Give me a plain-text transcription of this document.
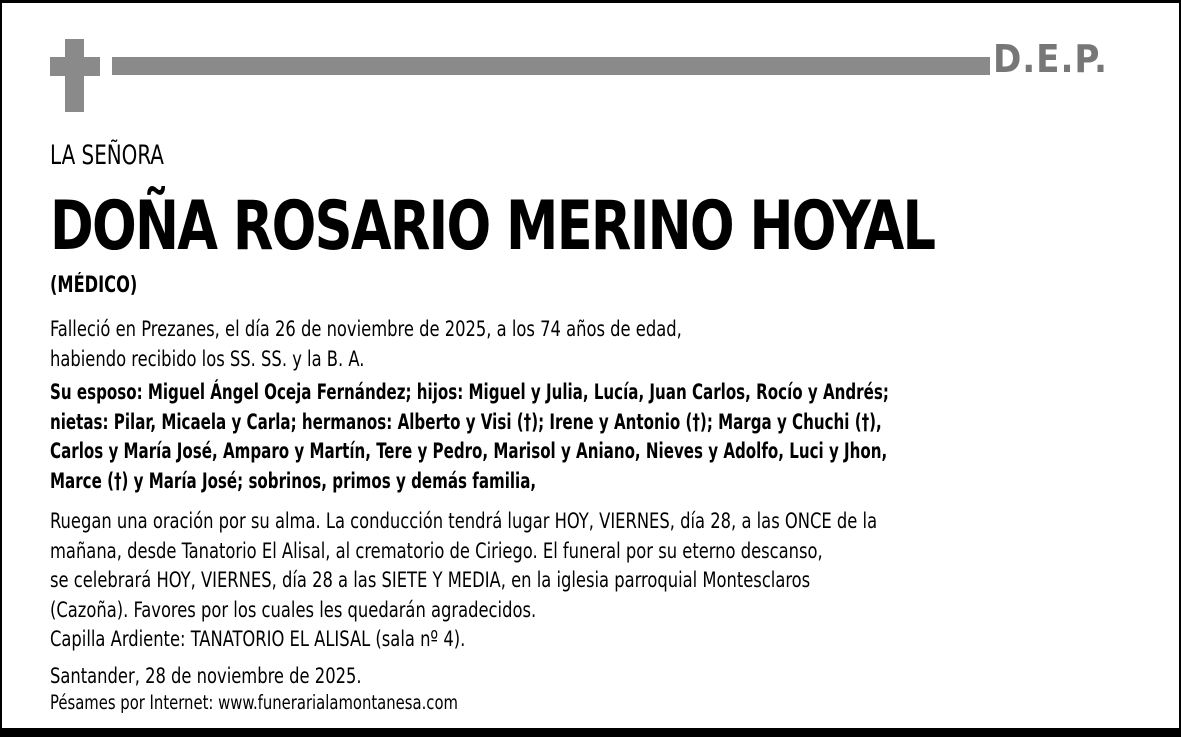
D.E.P.
LA SEÑORA
DOÑA ROSARIO MERINO HOYAL
(MÉDICO)
Falleció en Prezanes, el día 26 de noviembre de 2025, a los 74 años de edad,
habiendo recibido los SS. SS. y la B. A.
Su esposo: Miguel Ángel Oceja Fernández; hijos: Miguel y Julia, Lucía, Juan Carlos, Rocío y Andrés;
nietas: Pilar, Micaela y Carla; hermanos: Alberto y Visi (†); Irene y Antonio (†); Marga y Chuchi (†),
Carlos y María José, Amparo y Martín, Tere y Pedro, Marisol y Aniano, Nieves y Adolfo, Luci y Jhon,
Marce (†) y María José; sobrinos, primos y demás familia,
Ruegan una oración por su alma. La conducción tendrá lugar HOY, VIERNES, día 28, a las ONCE de la
mañana, desde Tanatorio El Alisal, al crematorio de Ciriego. El funeral por su eterno descanso,
se celebrará HOY, VIERNES, día 28 a las SIETE Y MEDIA, en la iglesia parroquial Montesclaros
(Cazoña). Favores por los cuales les quedarán agradecidos.
Capilla Ardiente: TANATORIO EL ALISAL (sala nº 4).
Santander, 28 de noviembre de 2025.
Pésames por Internet: www.funerarialamontanesa.com
